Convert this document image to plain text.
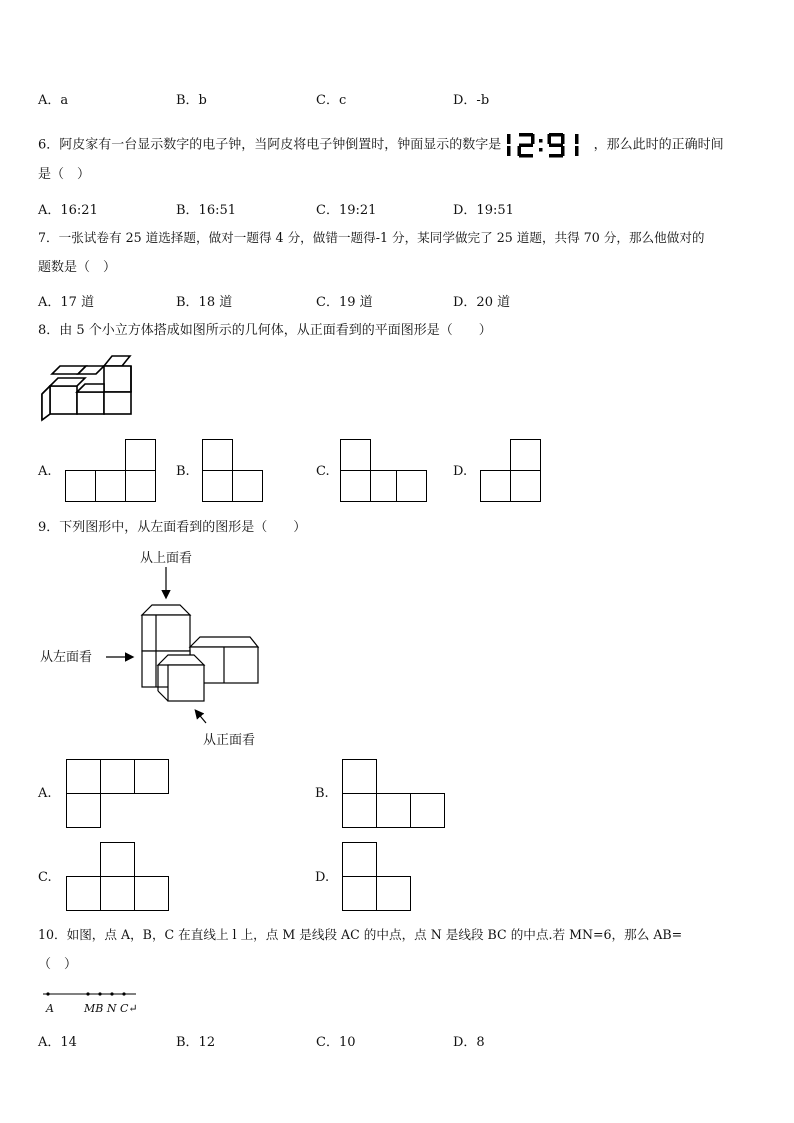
A．a	B．b	C．c	D．-b
6．阿皮家有一台显示数字的电子钟，当阿皮将电子钟倒置时，钟面显示的数字是	，那么此时的正确时间
是（　）
A．16:21	B．16:51	C．19:21	D．19:51
7．一张试卷有 25 道选择题，做对一题得 4 分，做错一题得-1 分，某同学做完了 25 道题，共得 70 分，那么他做对的
题数是（　）
A．17 道	B．18 道	C．19 道	D．20 道
8．由 5 个小立方体搭成如图所示的几何体，从正面看到的平面图形是（　　）
A.	B.	C.	D.
9．下列图形中，从左面看到的图形是（　　）
从上面看
从左面看
从正面看
A.	B.
C.	D.
10．如图，点 A，B，C 在直线上 l 上，点 M 是线段 AC 的中点，点 N 是线段 BC 的中点.若 MN=6，那么 AB=
（　）
A	MB N C↵
A．14	B．12	C．10	D．8
